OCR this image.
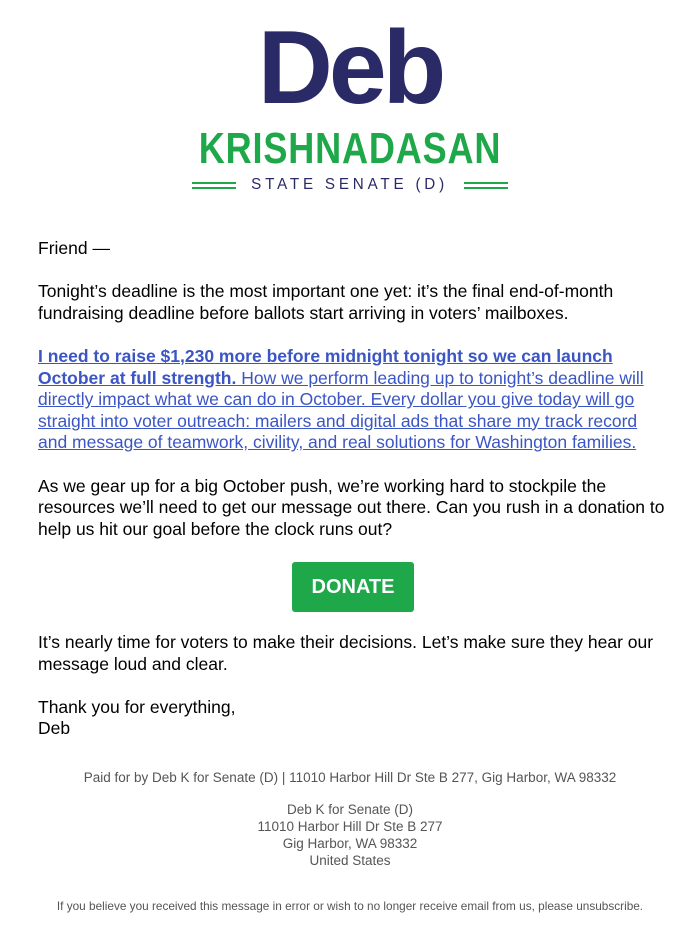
Deb
KRISHNADASAN
STATE SENATE (D)

Friend —

Tonight’s deadline is the most important one yet: it’s the final end-of-month fundraising deadline before ballots start arriving in voters’ mailboxes.

I need to raise $1,230 more before midnight tonight so we can launch October at full strength. How we perform leading up to tonight’s deadline will directly impact what we can do in October. Every dollar you give today will go straight into voter outreach: mailers and digital ads that share my track record and message of teamwork, civility, and real solutions for Washington families.

As we gear up for a big October push, we’re working hard to stockpile the resources we’ll need to get our message out there. Can you rush in a donation to help us hit our goal before the clock runs out?

DONATE

It’s nearly time for voters to make their decisions. Let’s make sure they hear our message loud and clear.

Thank you for everything,

Deb

Paid for by Deb K for Senate (D) | 11010 Harbor Hill Dr Ste B 277, Gig Harbor, WA 98332
Deb K for Senate (D)
11010 Harbor Hill Dr Ste B 277
Gig Harbor, WA 98332
United States
If you believe you received this message in error or wish to no longer receive email from us, please unsubscribe.
